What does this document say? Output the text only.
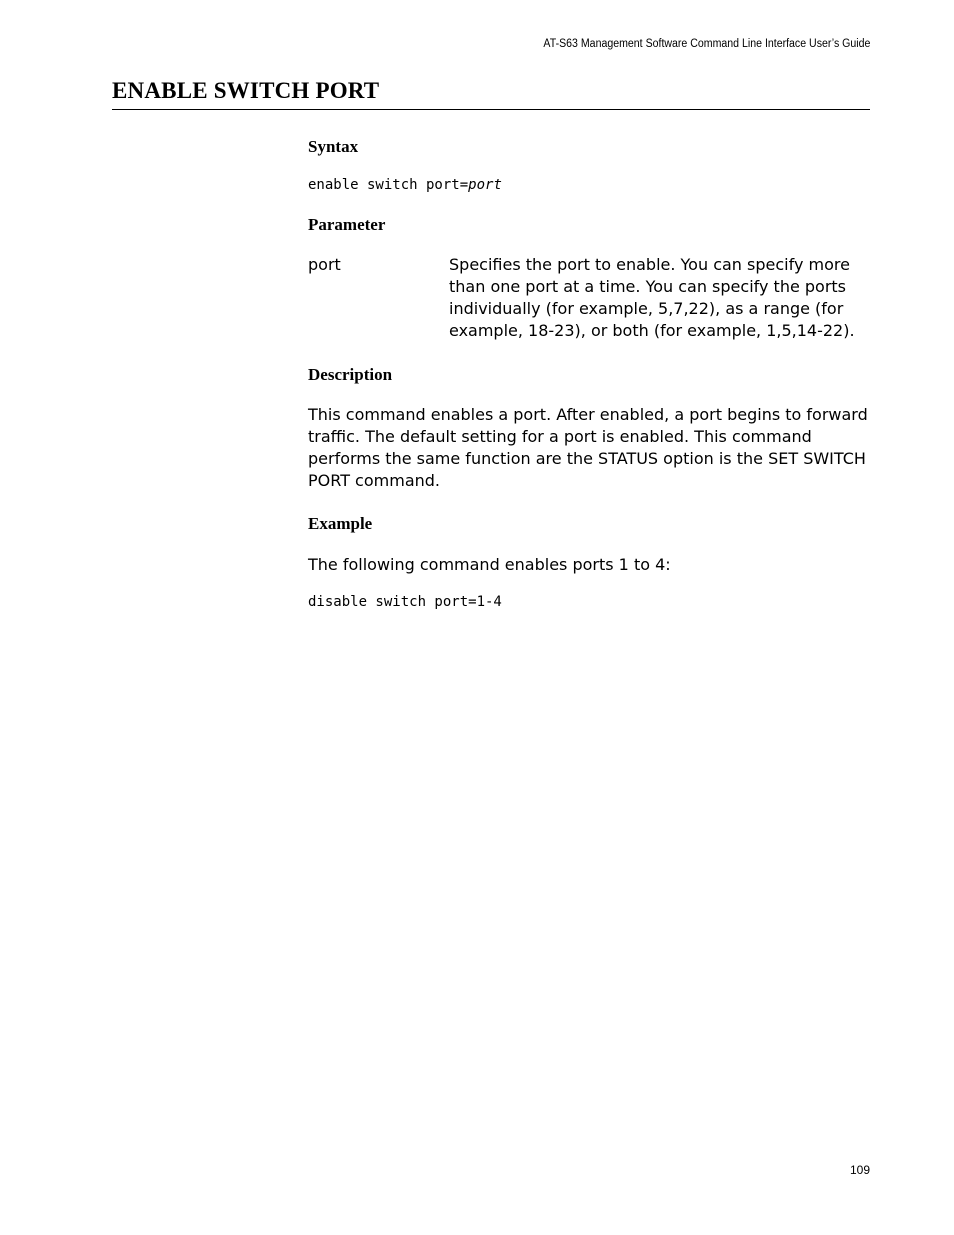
AT-S63 Management Software Command Line Interface User’s Guide
ENABLE SWITCH PORT
Syntax
enable switch port=port
Parameter
port	Specifies the port to enable. You can specify more than one port at a time. You can specify the ports individually (for example, 5,7,22), as a range (for example, 18-23), or both (for example, 1,5,14-22).

Description

This command enables a port. After enabled, a port begins to forward traffic. The default setting for a port is enabled. This command performs the same function are the STATUS option is the SET SWITCH PORT command.

Example

The following command enables ports 1 to 4:

disable switch port=1-4
109
